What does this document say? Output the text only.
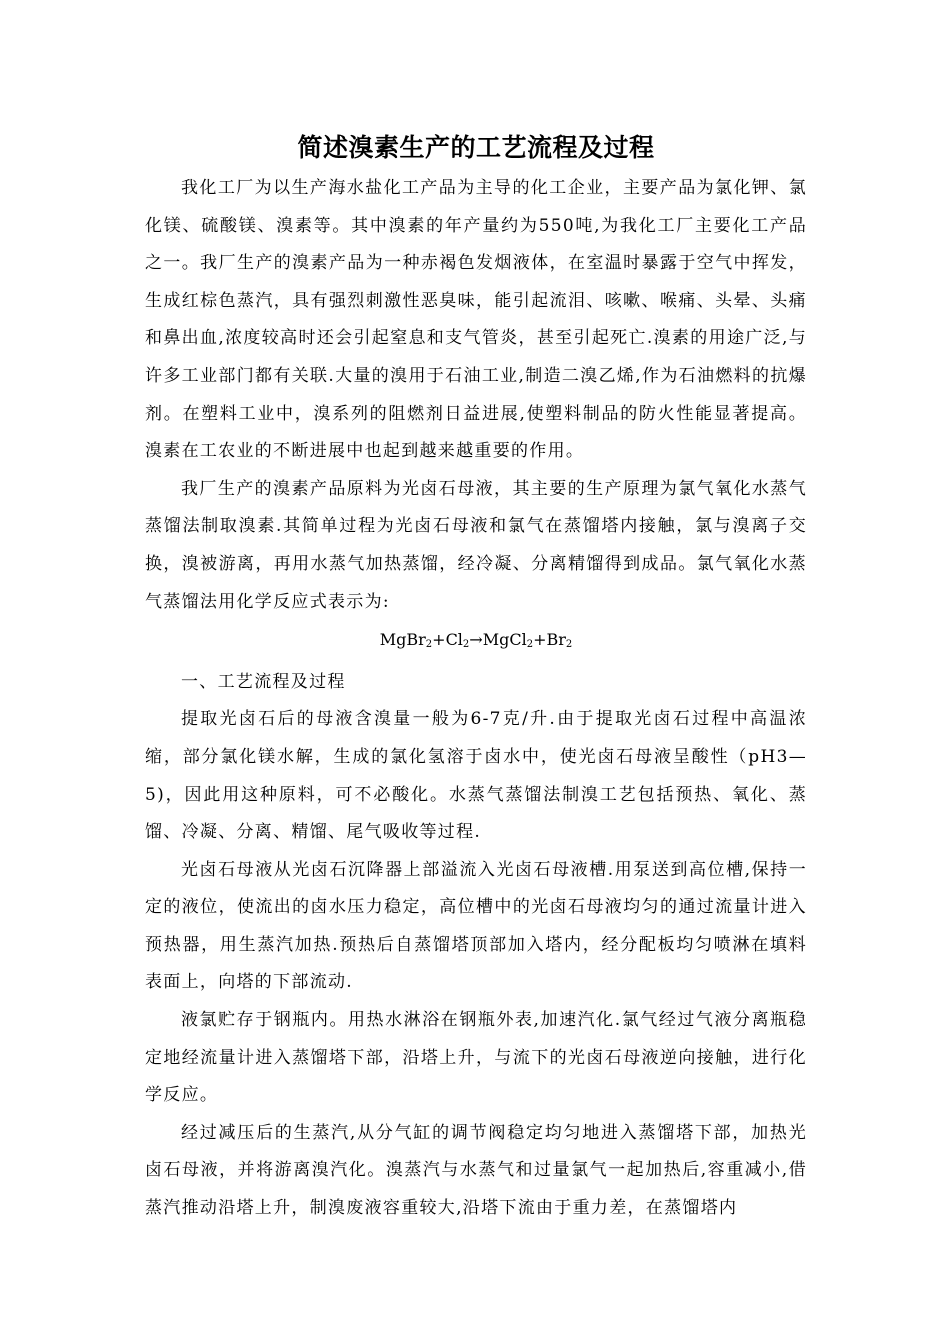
简述溴素生产的工艺流程及过程

我化工厂为以生产海水盐化工产品为主导的化工企业，主要产品为氯化钾、氯化镁、硫酸镁、溴素等。其中溴素的年产量约为550吨,为我化工厂主要化工产品之一。我厂生产的溴素产品为一种赤褐色发烟液体，在室温时暴露于空气中挥发，生成红棕色蒸汽，具有强烈刺激性恶臭味，能引起流泪、咳嗽、喉痛、头晕、头痛和鼻出血,浓度较高时还会引起窒息和支气管炎，甚至引起死亡.溴素的用途广泛,与许多工业部门都有关联.大量的溴用于石油工业,制造二溴乙烯,作为石油燃料的抗爆剂。在塑料工业中，溴系列的阻燃剂日益进展,使塑料制品的防火性能显著提高。溴素在工农业的不断进展中也起到越来越重要的作用。

我厂生产的溴素产品原料为光卤石母液，其主要的生产原理为氯气氧化水蒸气蒸馏法制取溴素.其简单过程为光卤石母液和氯气在蒸馏塔内接触，氯与溴离子交换，溴被游离，再用水蒸气加热蒸馏，经冷凝、分离精馏得到成品。氯气氧化水蒸气蒸馏法用化学反应式表示为:

$MgBr_2+Cl_2\to MgCl_2+Br_2$

一、工艺流程及过程

提取光卤石后的母液含溴量一般为6-7克/升.由于提取光卤石过程中高温浓缩，部分氯化镁水解，生成的氯化氢溶于卤水中，使光卤石母液呈酸性（pH3—5)，因此用这种原料，可不必酸化。水蒸气蒸馏法制溴工艺包括预热、氧化、蒸馏、冷凝、分离、精馏、尾气吸收等过程.

光卤石母液从光卤石沉降器上部溢流入光卤石母液槽.用泵送到高位槽,保持一定的液位，使流出的卤水压力稳定，高位槽中的光卤石母液均匀的通过流量计进入预热器，用生蒸汽加热.预热后自蒸馏塔顶部加入塔内，经分配板均匀喷淋在填料表面上，向塔的下部流动.

液氯贮存于钢瓶内。用热水淋浴在钢瓶外表,加速汽化.氯气经过气液分离瓶稳定地经流量计进入蒸馏塔下部，沿塔上升，与流下的光卤石母液逆向接触，进行化学反应。

经过减压后的生蒸汽,从分气缸的调节阀稳定均匀地进入蒸馏塔下部，加热光卤石母液，并将游离溴汽化。溴蒸汽与水蒸气和过量氯气一起加热后,容重减小,借蒸汽推动沿塔上升，制溴废液容重较大,沿塔下流由于重力差，在蒸馏塔内
